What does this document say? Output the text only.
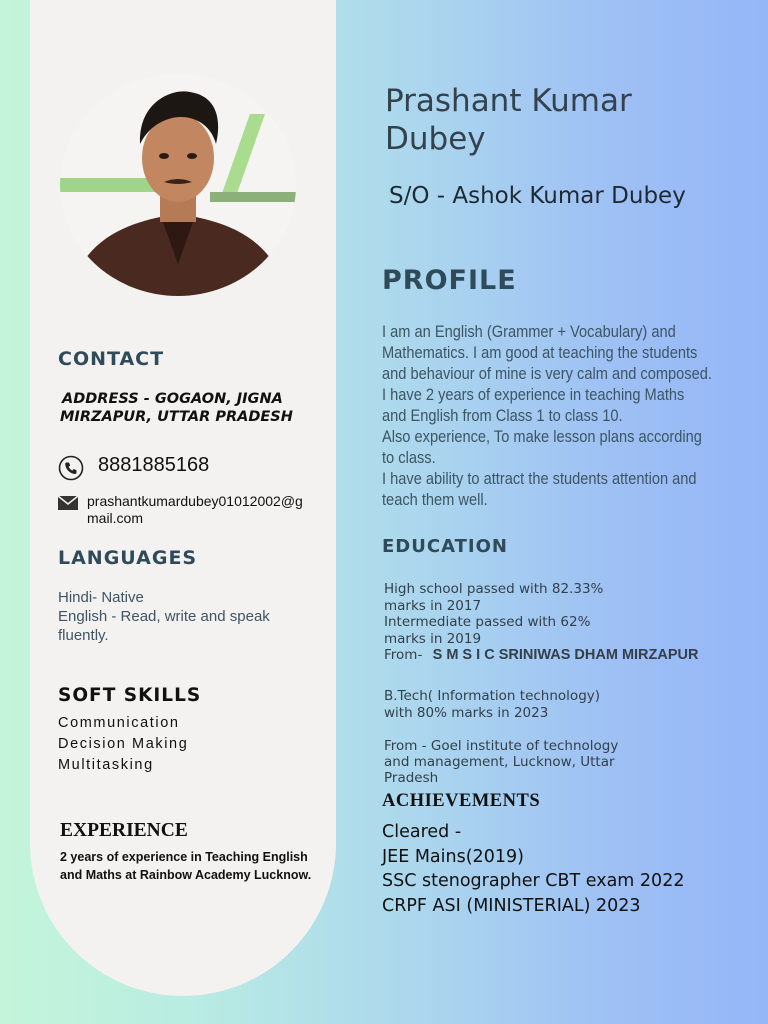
CONTACT
ADDRESS - GOGAON, JIGNA
MIRZAPUR, UTTAR PRADESH
8881885168
prashantkumardubey01012002@g
mail.com
LANGUAGES
Hindi- Native
English - Read, write and speak
fluently.
SOFT SKILLS
Communication
Decision Making
Multitasking
EXPERIENCE
2 years of experience in Teaching English
and Maths at Rainbow Academy Lucknow.
Prashant Kumar
Dubey
S/O - Ashok Kumar Dubey
PROFILE
I am an English (Grammer + Vocabulary) and
Mathematics. I am good at teaching the students
and behaviour of mine is very calm and composed.
I have 2 years of experience in teaching Maths
and English from Class 1 to class 10.
Also experience, To make lesson plans according
to class.
I have ability to attract the students attention and
teach them well.
EDUCATION
High school passed with 82.33%
marks in 2017
Intermediate passed with 62%
marks in 2019
From- S M S I C SRINIWAS DHAM MIRZAPUR
B.Tech( Information technology)
with 80% marks in 2023
From - Goel institute of technology
and management, Lucknow, Uttar
Pradesh
ACHIEVEMENTS
Cleared -
JEE Mains(2019)
SSC stenographer CBT exam 2022
CRPF ASI (MINISTERIAL) 2023
